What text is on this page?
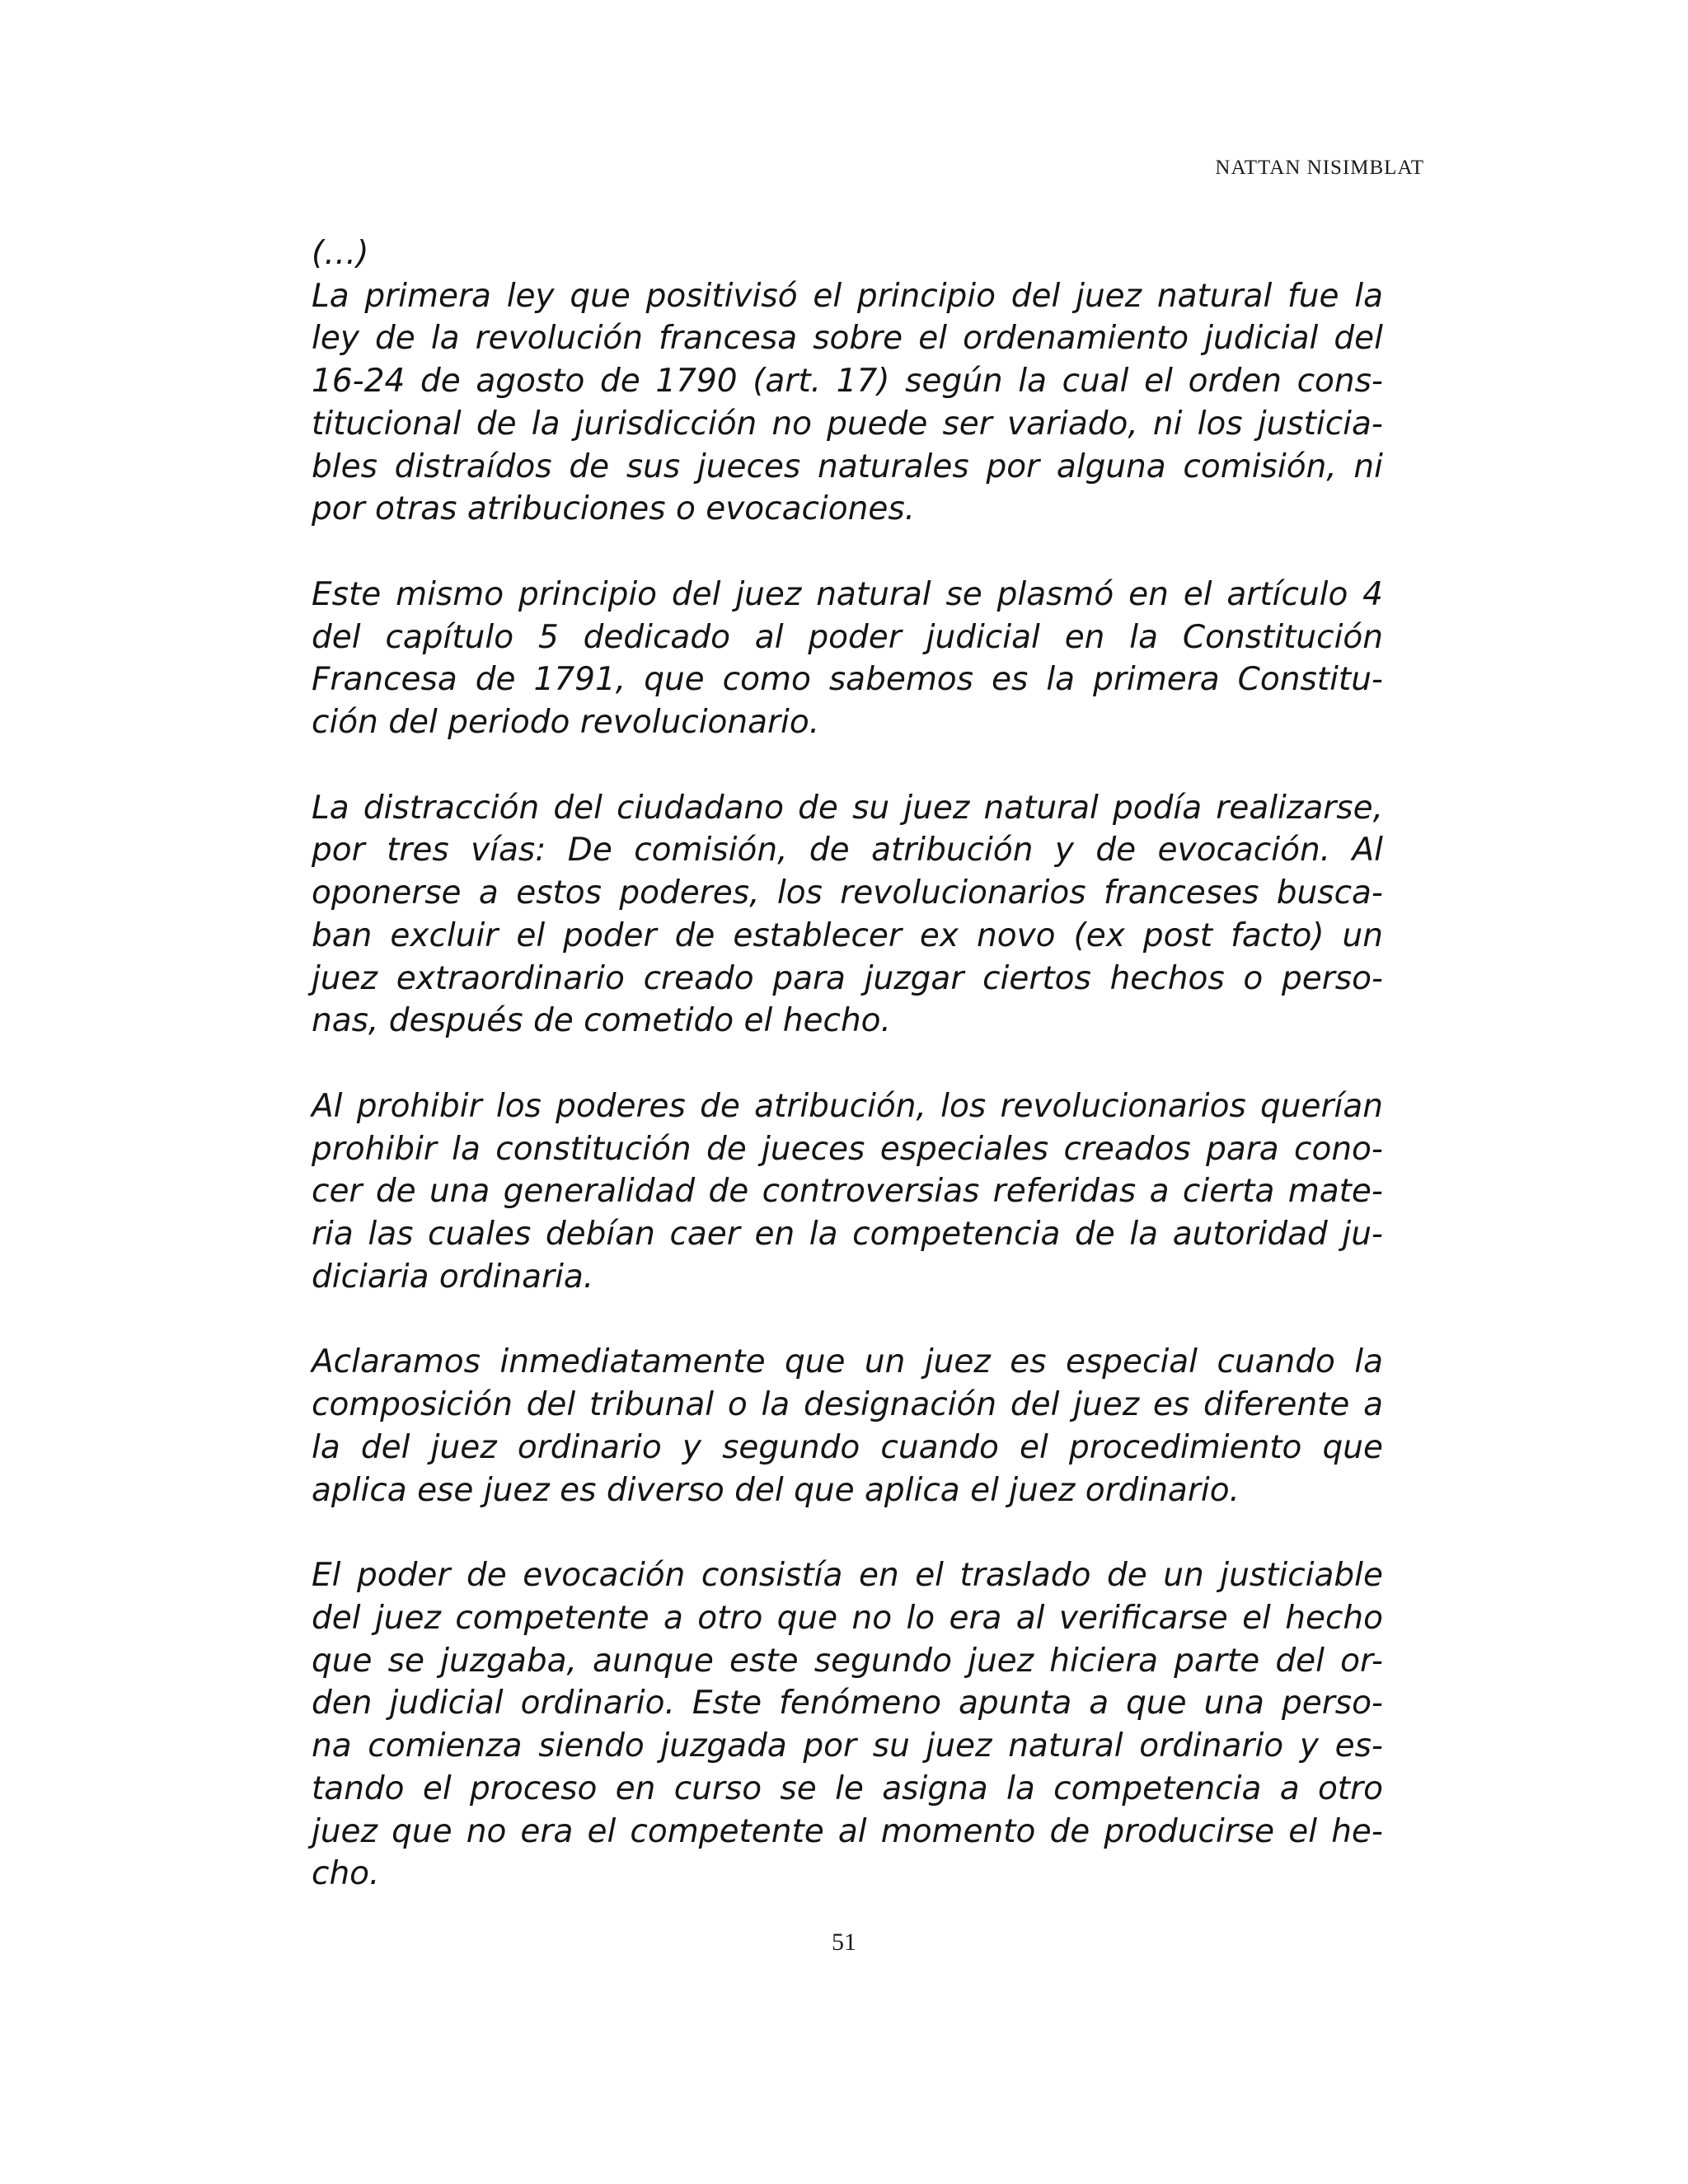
NATTAN NISIMBLAT

(…)

La primera ley que positivisó el principio del juez natural fue la
ley de la revolución francesa sobre el ordenamiento judicial del
16-24 de agosto de 1790 (art. 17) según la cual el orden cons-
titucional de la jurisdicción no puede ser variado, ni los justicia-
bles distraídos de sus jueces naturales por alguna comisión, ni
por otras atribuciones o evocaciones.
Este mismo principio del juez natural se plasmó en el artículo 4
del capítulo 5 dedicado al poder judicial en la Constitución
Francesa de 1791, que como sabemos es la primera Constitu-
ción del periodo revolucionario.
La distracción del ciudadano de su juez natural podía realizarse,
por tres vías: De comisión, de atribución y de evocación. Al
oponerse a estos poderes, los revolucionarios franceses busca-
ban excluir el poder de establecer ex novo (ex post facto) un
juez extraordinario creado para juzgar ciertos hechos o perso-
nas, después de cometido el hecho.
Al prohibir los poderes de atribución, los revolucionarios querían
prohibir la constitución de jueces especiales creados para cono-
cer de una generalidad de controversias referidas a cierta mate-
ria las cuales debían caer en la competencia de la autoridad ju-
diciaria ordinaria.
Aclaramos inmediatamente que un juez es especial cuando la
composición del tribunal o la designación del juez es diferente a
la del juez ordinario y segundo cuando el procedimiento que
aplica ese juez es diverso del que aplica el juez ordinario.
El poder de evocación consistía en el traslado de un justiciable
del juez competente a otro que no lo era al verificarse el hecho
que se juzgaba, aunque este segundo juez hiciera parte del or-
den judicial ordinario. Este fenómeno apunta a que una perso-
na comienza siendo juzgada por su juez natural ordinario y es-
tando el proceso en curso se le asigna la competencia a otro
juez que no era el competente al momento de producirse el he-
cho.
51
